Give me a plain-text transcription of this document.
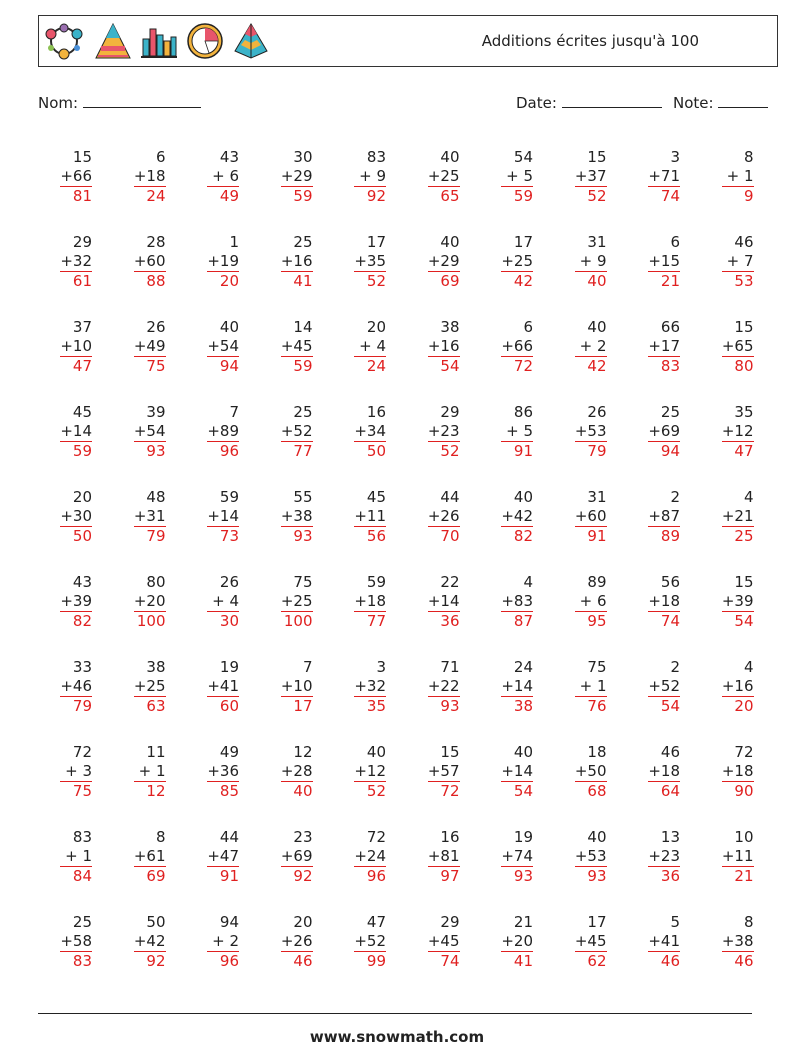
Additions écrites jusqu'à 100
Nom:	Date:	Note:
15
+66
81
6
+18
24
43
+ 6
49
30
+29
59
83
+ 9
92
40
+25
65
54
+ 5
59
15
+37
52
3
+71
74
8
+ 1
9
29
+32
61
28
+60
88
1
+19
20
25
+16
41
17
+35
52
40
+29
69
17
+25
42
31
+ 9
40
6
+15
21
46
+ 7
53
37
+10
47
26
+49
75
40
+54
94
14
+45
59
20
+ 4
24
38
+16
54
6
+66
72
40
+ 2
42
66
+17
83
15
+65
80
45
+14
59
39
+54
93
7
+89
96
25
+52
77
16
+34
50
29
+23
52
86
+ 5
91
26
+53
79
25
+69
94
35
+12
47
20
+30
50
48
+31
79
59
+14
73
55
+38
93
45
+11
56
44
+26
70
40
+42
82
31
+60
91
2
+87
89
4
+21
25
43
+39
82
80
+20
100
26
+ 4
30
75
+25
100
59
+18
77
22
+14
36
4
+83
87
89
+ 6
95
56
+18
74
15
+39
54
33
+46
79
38
+25
63
19
+41
60
7
+10
17
3
+32
35
71
+22
93
24
+14
38
75
+ 1
76
2
+52
54
4
+16
20
72
+ 3
75
11
+ 1
12
49
+36
85
12
+28
40
40
+12
52
15
+57
72
40
+14
54
18
+50
68
46
+18
64
72
+18
90
83
+ 1
84
8
+61
69
44
+47
91
23
+69
92
72
+24
96
16
+81
97
19
+74
93
40
+53
93
13
+23
36
10
+11
21
25
+58
83
50
+42
92
94
+ 2
96
20
+26
46
47
+52
99
29
+45
74
21
+20
41
17
+45
62
5
+41
46
8
+38
46
www.snowmath.com
